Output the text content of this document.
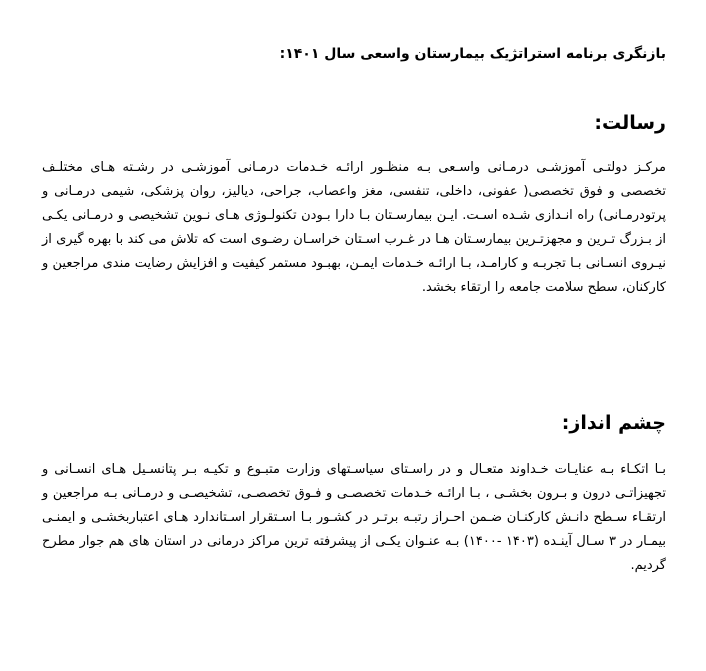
بازنگری برنامه استراتژیک بیمارستان واسعی سال ۱۴۰۱:
رسالت:

مرکـز دولتـی آموزشـی درمـانی واسـعی بـه منظـور ارائـه خـدمات درمـانی آموزشـی در رشـته هـای مختلـف تخصصی و فوق تخصصی( عفونی، داخلی، تنفسی، مغز واعصاب، جراحی، دیالیز، روان پزشکی، شیمی درمـانی و پرتودرمـانی) راه انـدازی شـده اسـت. ایـن بیمارسـتان بـا دارا بـودن تکنولـوژی هـای نـوین تشخیصی و درمـانی یکـی از بـزرگ تـرین و مجهزتـرین بیمارسـتان هـا در غـرب اسـتان خراسـان رضـوی است که تلاش می کند با بهره گیری از نیـروی انسـانی بـا تجربـه و کارامـد، بـا ارائـه خـدمات ایمـن، بهبـود مستمر کیفیت و افزایش رضایت مندی مراجعین و کارکنان، سطح سلامت جامعه را ارتقاء بخشد.

چشم انداز:

بـا اتکـاء بـه عنایـات خـداوند متعـال و در راسـتای سیاسـتهای وزارت متبـوع و تکیـه بـر پتانسـیل هـای انسـانی و تجهیزاتـی درون و بـرون بخشـی ، بـا ارائـه خـدمات تخصصـی و فـوق تخصصـی، تشخیصـی و درمـانی بـه مراجعین و ارتقـاء سـطح دانـش کارکنـان ضـمن احـراز رتبـه برتـر در کشـور بـا اسـتقرار اسـتاندارد هـای اعتباربخشـی و ایمنـی بیمـار در ۳ سـال آینـده (۱۴۰۳ -۱۴۰۰) بـه عنـوان یکـی از پیشرفته ترین مراکز درمانی در استان های هم جوار مطرح گردیم.
